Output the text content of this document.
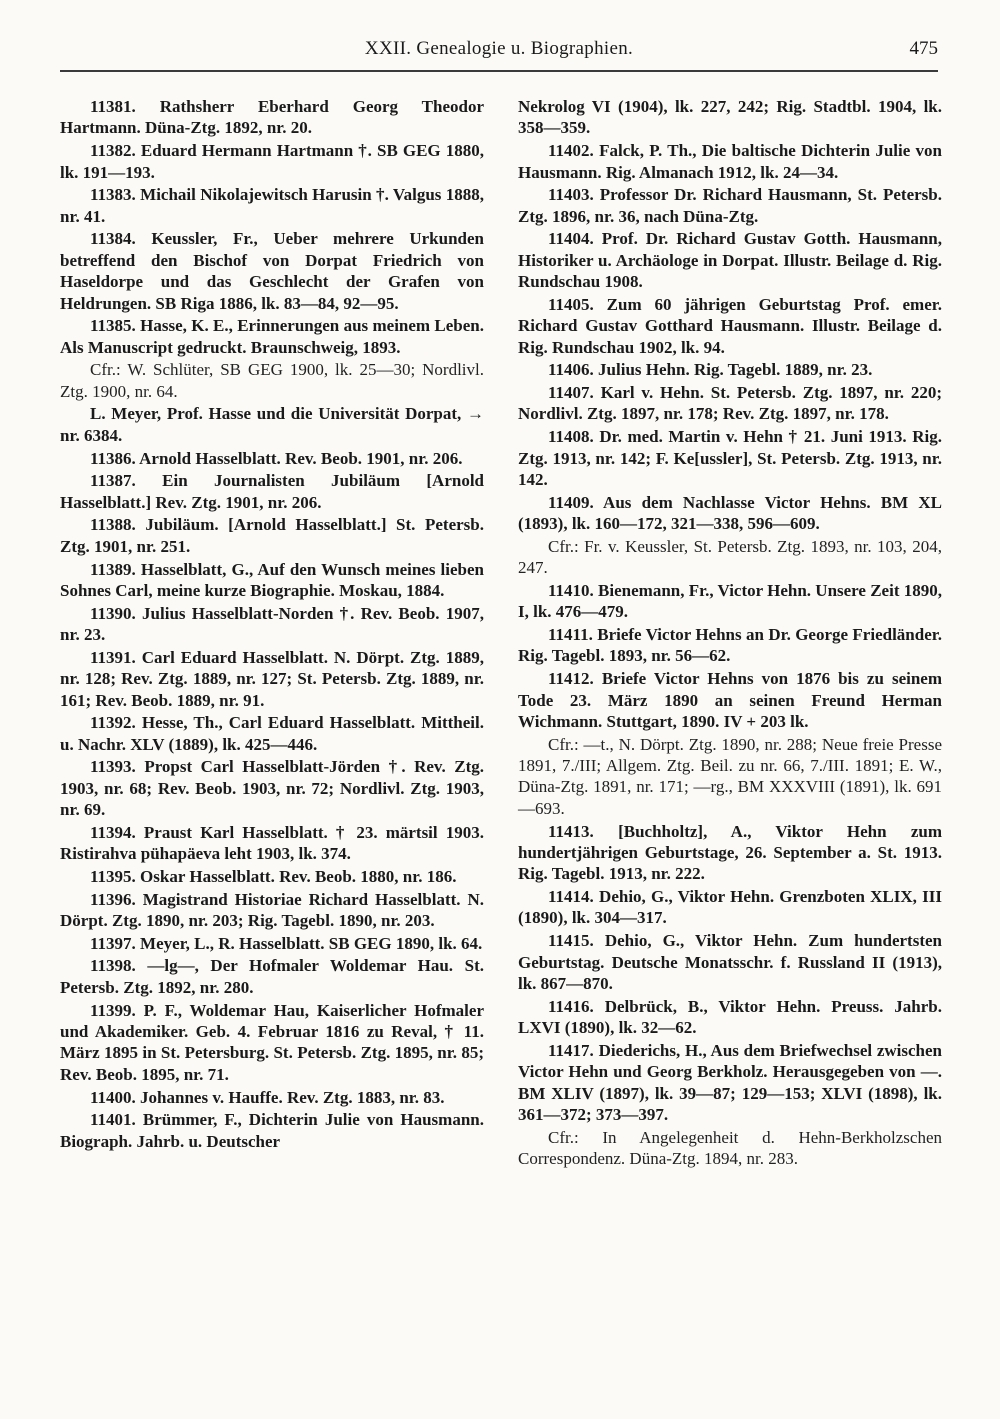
XXII. Genealogie u. Biographien.	475

11381. Rathsherr Eberhard Georg Theodor Hartmann. Düna-Ztg. 1892, nr. 20.

11382. Eduard Hermann Hartmann †. SB GEG 1880, lk. 191—193.

11383. Michail Nikolajewitsch Harusin †. Valgus 1888, nr. 41.

11384. Keussler, Fr., Ueber mehrere Urkunden betreffend den Bischof von Dorpat Friedrich von Haseldorpe und das Geschlecht der Grafen von Heldrungen. SB Riga 1886, lk. 83—84, 92—95.

11385. Hasse, K. E., Erinnerungen aus meinem Leben. Als Manuscript gedruckt. Braunschweig, 1893.

Cfr.: W. Schlüter, SB GEG 1900, lk. 25—30; Nordlivl. Ztg. 1900, nr. 64.

L. Meyer, Prof. Hasse und die Universität Dorpat, → nr. 6384.

11386. Arnold Hasselblatt. Rev. Beob. 1901, nr. 206.

11387. Ein Journalisten Jubiläum [Arnold Hasselblatt.] Rev. Ztg. 1901, nr. 206.

11388. Jubiläum. [Arnold Hasselblatt.] St. Petersb. Ztg. 1901, nr. 251.

11389. Hasselblatt, G., Auf den Wunsch meines lieben Sohnes Carl, meine kurze Biographie. Moskau, 1884.

11390. Julius Hasselblatt-Norden †. Rev. Beob. 1907, nr. 23.

11391. Carl Eduard Hasselblatt. N. Dörpt. Ztg. 1889, nr. 128; Rev. Ztg. 1889, nr. 127; St. Petersb. Ztg. 1889, nr. 161; Rev. Beob. 1889, nr. 91.

11392. Hesse, Th., Carl Eduard Hasselblatt. Mittheil. u. Nachr. XLV (1889), lk. 425—446.

11393. Propst Carl Hasselblatt-Jörden †. Rev. Ztg. 1903, nr. 68; Rev. Beob. 1903, nr. 72; Nordlivl. Ztg. 1903, nr. 69.

11394. Praust Karl Hasselblatt. † 23. märtsil 1903. Ristirahva pühapäeva leht 1903, lk. 374.

11395. Oskar Hasselblatt. Rev. Beob. 1880, nr. 186.

11396. Magistrand Historiae Richard Hasselblatt. N. Dörpt. Ztg. 1890, nr. 203; Rig. Tagebl. 1890, nr. 203.

11397. Meyer, L., R. Hasselblatt. SB GEG 1890, lk. 64.

11398. —lg—, Der Hofmaler Woldemar Hau. St. Petersb. Ztg. 1892, nr. 280.

11399. P. F., Woldemar Hau, Kaiserlicher Hofmaler und Akademiker. Geb. 4. Februar 1816 zu Reval, † 11. März 1895 in St. Petersburg. St. Petersb. Ztg. 1895, nr. 85; Rev. Beob. 1895, nr. 71.

11400. Johannes v. Hauffe. Rev. Ztg. 1883, nr. 83.

11401. Brümmer, F., Dichterin Julie von Hausmann. Biograph. Jahrb. u. Deutscher

Nekrolog VI (1904), lk. 227, 242; Rig. Stadtbl. 1904, lk. 358—359.

11402. Falck, P. Th., Die baltische Dichterin Julie von Hausmann. Rig. Almanach 1912, lk. 24—34.

11403. Professor Dr. Richard Hausmann, St. Petersb. Ztg. 1896, nr. 36, nach Düna-Ztg.

11404. Prof. Dr. Richard Gustav Gotth. Hausmann, Historiker u. Archäologe in Dorpat. Illustr. Beilage d. Rig. Rundschau 1908.

11405. Zum 60 jährigen Geburtstag Prof. emer. Richard Gustav Gotthard Hausmann. Illustr. Beilage d. Rig. Rundschau 1902, lk. 94.

11406. Julius Hehn. Rig. Tagebl. 1889, nr. 23.

11407. Karl v. Hehn. St. Petersb. Ztg. 1897, nr. 220; Nordlivl. Ztg. 1897, nr. 178; Rev. Ztg. 1897, nr. 178.

11408. Dr. med. Martin v. Hehn † 21. Juni 1913. Rig. Ztg. 1913, nr. 142; F. Ke[ussler], St. Petersb. Ztg. 1913, nr. 142.

11409. Aus dem Nachlasse Victor Hehns. BM XL (1893), lk. 160—172, 321—338, 596—609.

Cfr.: Fr. v. Keussler, St. Petersb. Ztg. 1893, nr. 103, 204, 247.

11410. Bienemann, Fr., Victor Hehn. Unsere Zeit 1890, I, lk. 476—479.

11411. Briefe Victor Hehns an Dr. George Friedländer. Rig. Tagebl. 1893, nr. 56—62.

11412. Briefe Victor Hehns von 1876 bis zu seinem Tode 23. März 1890 an seinen Freund Herman Wichmann. Stuttgart, 1890. IV + 203 lk.

Cfr.: —t., N. Dörpt. Ztg. 1890, nr. 288; Neue freie Presse 1891, 7./III; Allgem. Ztg. Beil. zu nr. 66, 7./III. 1891; E. W., Düna-Ztg. 1891, nr. 171; —rg., BM XXXVIII (1891), lk. 691—693.

11413. [Buchholtz], A., Viktor Hehn zum hundertjährigen Geburtstage, 26. September a. St. 1913. Rig. Tagebl. 1913, nr. 222.

11414. Dehio, G., Viktor Hehn. Grenzboten XLIX, III (1890), lk. 304—317.

11415. Dehio, G., Viktor Hehn. Zum hundertsten Geburtstag. Deutsche Monatsschr. f. Russland II (1913), lk. 867—870.

11416. Delbrück, B., Viktor Hehn. Preuss. Jahrb. LXVI (1890), lk. 32—62.

11417. Diederichs, H., Aus dem Briefwechsel zwischen Victor Hehn und Georg Berkholz. Herausgegeben von —. BM XLIV (1897), lk. 39—87; 129—153; XLVI (1898), lk. 361—372; 373—397.

Cfr.: In Angelegenheit d. Hehn-Berkholzschen Correspondenz. Düna-Ztg. 1894, nr. 283.
